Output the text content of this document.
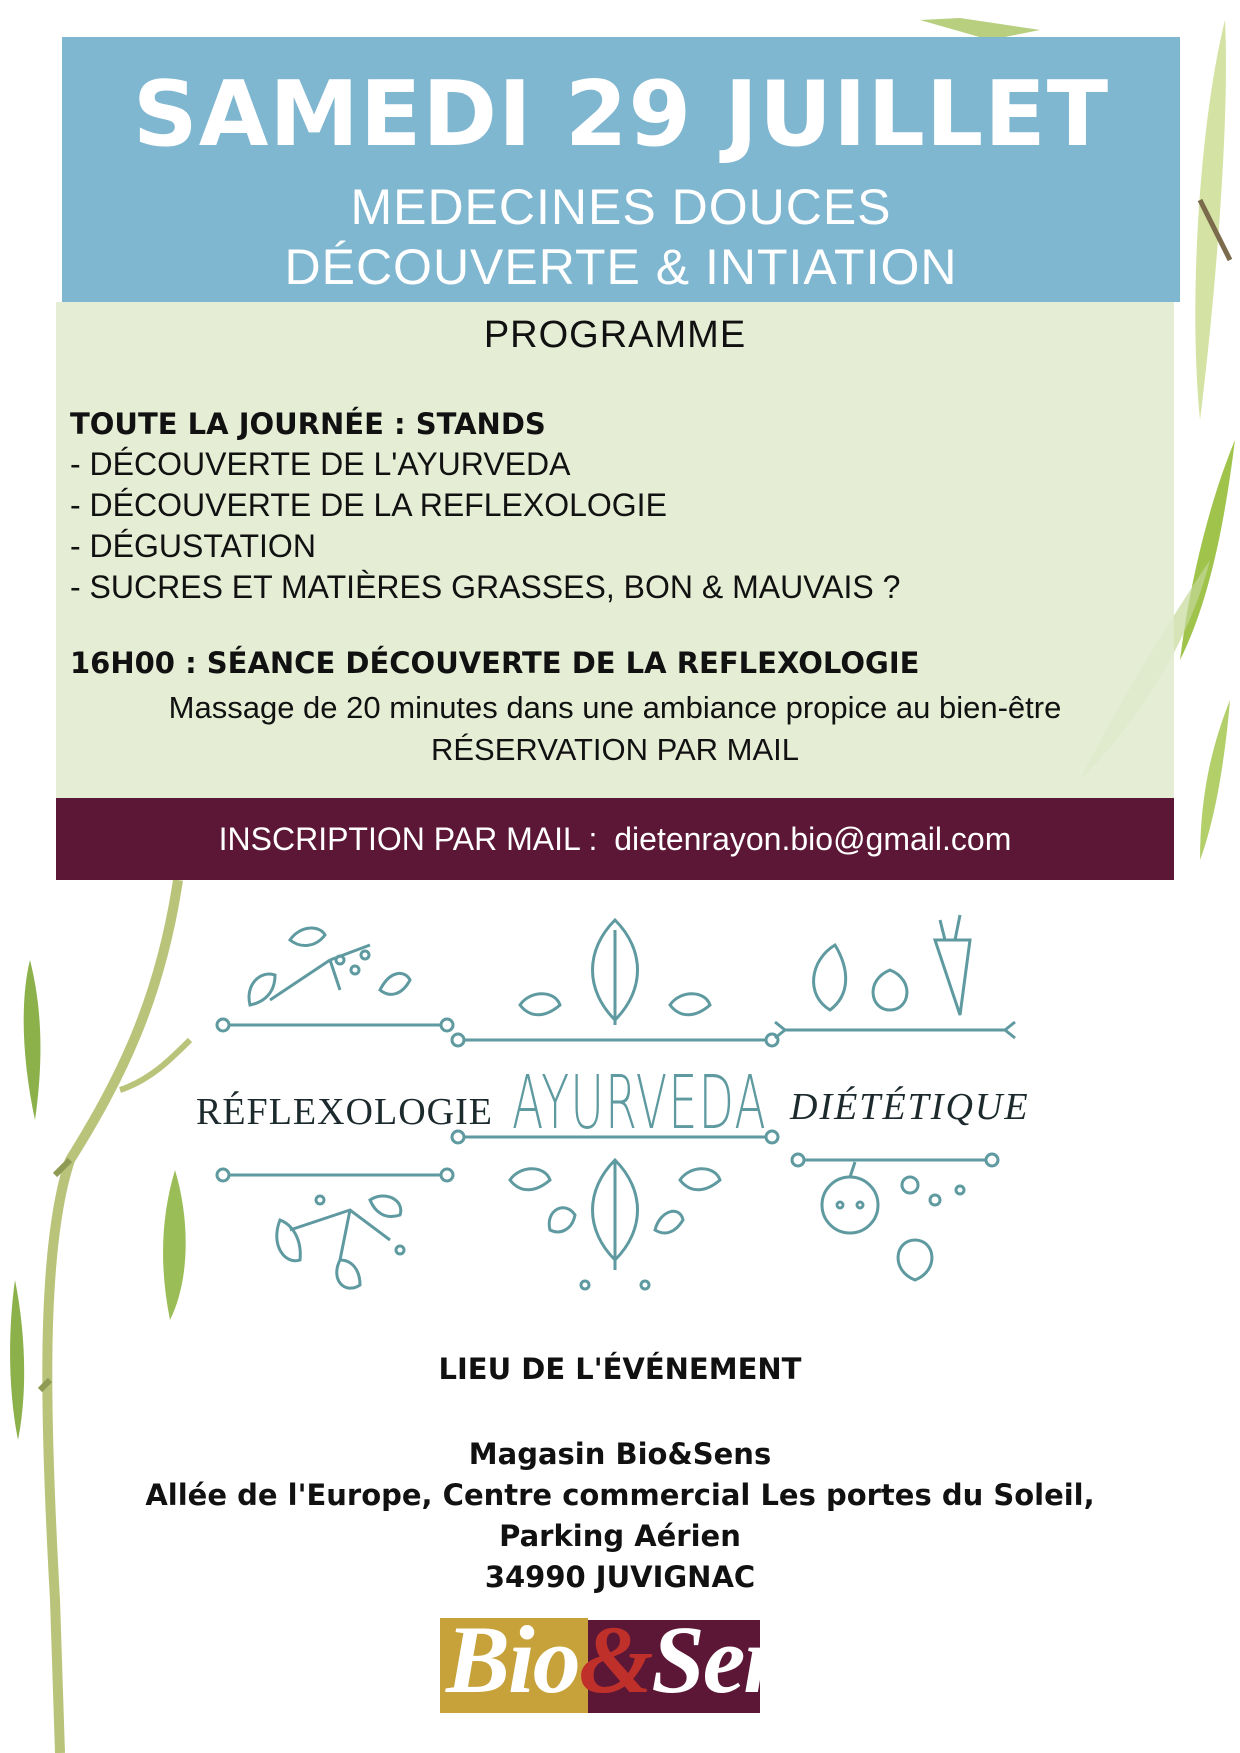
SAMEDI 29 JUILLET
MEDECINES DOUCES
DÉCOUVERTE & INTIATION
PROGRAMME
TOUTE LA JOURNÉE : STANDS
- DÉCOUVERTE DE L'AYURVEDA
- DÉCOUVERTE DE LA REFLEXOLOGIE
- DÉGUSTATION
- SUCRES ET MATIÈRES GRASSES, BON & MAUVAIS ?
16H00 : SÉANCE DÉCOUVERTE DE LA REFLEXOLOGIE
Massage de 20 minutes dans une ambiance propice au bien-être
RÉSERVATION PAR MAIL
INSCRIPTION PAR MAIL : dietenrayon.bio@gmail.com
RÉFLEXOLOGIE AYURVEDA DIÉTÉTIQUE
LIEU DE L'ÉVÉNEMENT
Magasin Bio&Sens
Allée de l'Europe, Centre commercial Les portes du Soleil,
Parking Aérien
34990 JUVIGNAC
Bio&Sens
